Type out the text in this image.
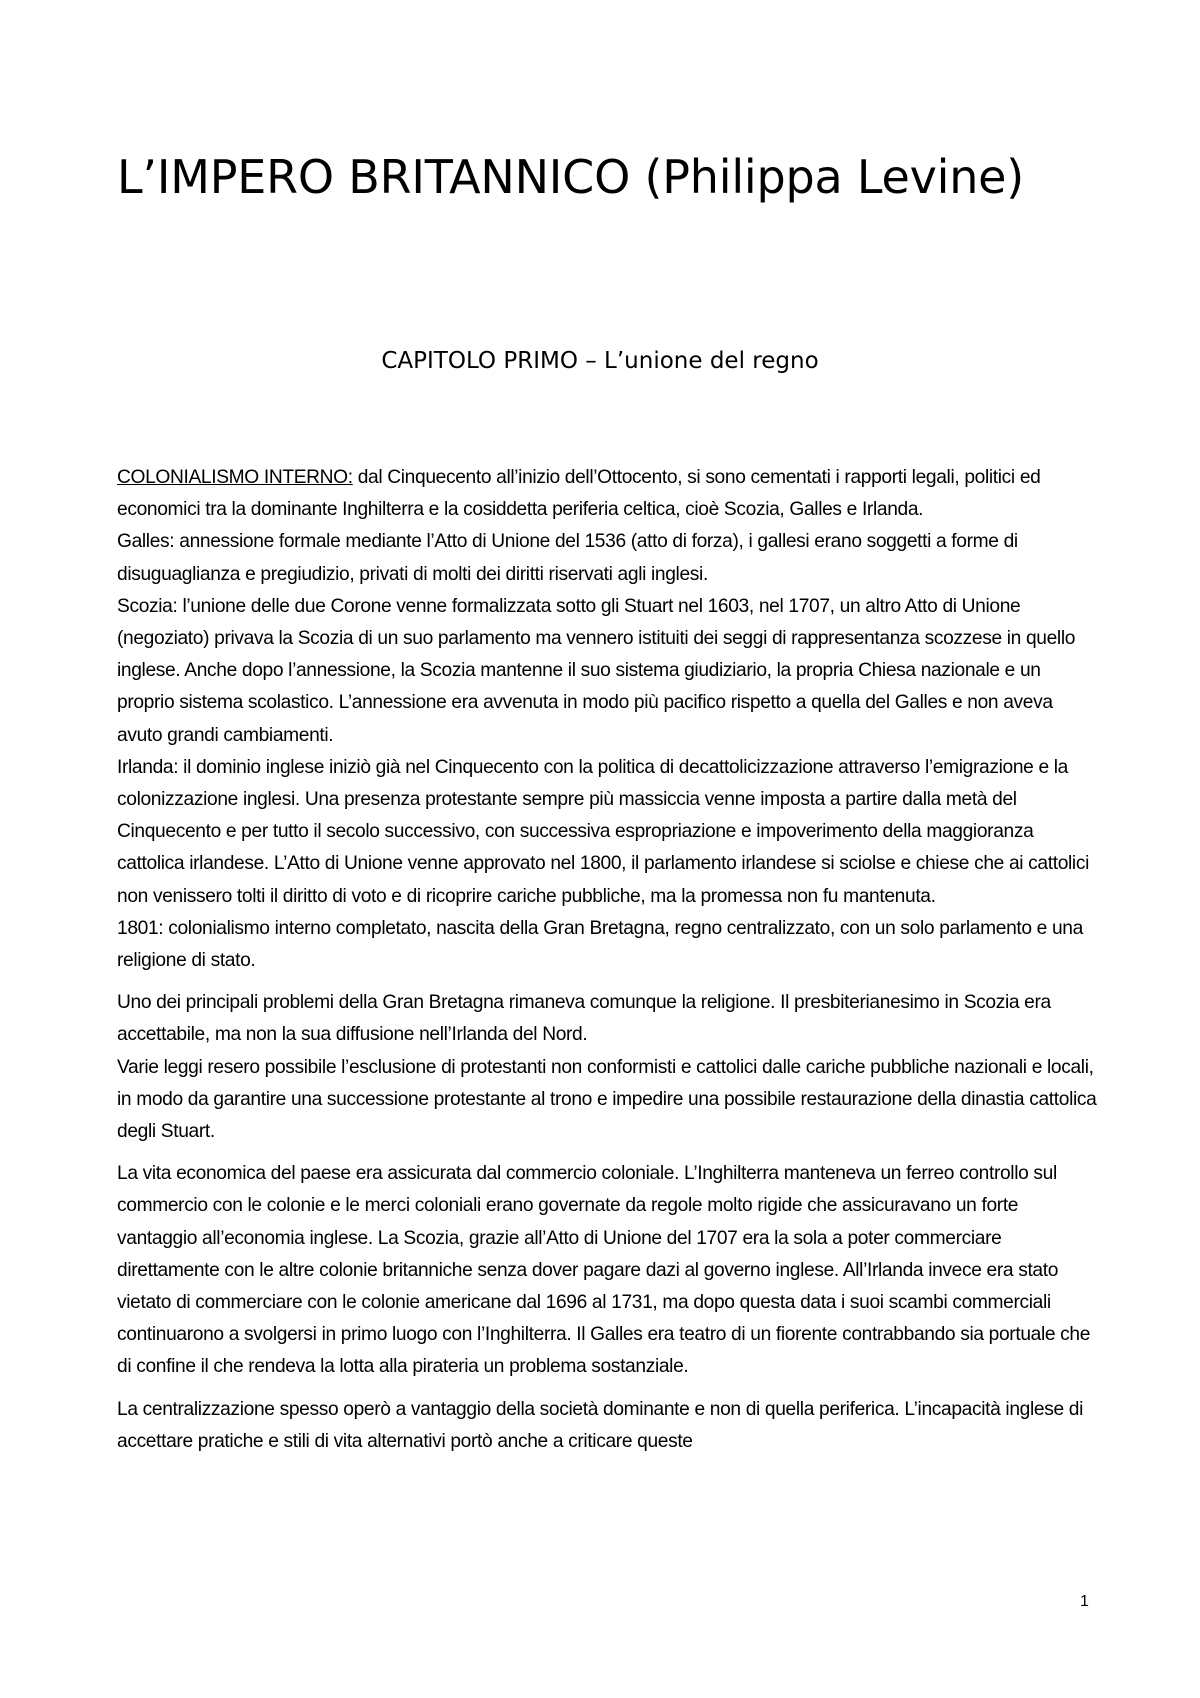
L’IMPERO BRITANNICO (Philippa Levine)
CAPITOLO PRIMO – L’unione del regno

COLONIALISMO INTERNO: dal Cinquecento all’inizio dell’Ottocento, si sono cementati i rapporti legali, politici ed economici tra la dominante Inghilterra e la cosiddetta periferia celtica, cioè Scozia, Galles e Irlanda.

Galles: annessione formale mediante l’Atto di Unione del 1536 (atto di forza), i gallesi erano soggetti a forme di disuguaglianza e pregiudizio, privati di molti dei diritti riservati agli inglesi.

Scozia: l’unione delle due Corone venne formalizzata sotto gli Stuart nel 1603, nel 1707, un altro Atto di Unione (negoziato) privava la Scozia di un suo parlamento ma vennero istituiti dei seggi di rappresentanza scozzese in quello inglese. Anche dopo l’annessione, la Scozia mantenne il suo sistema giudiziario, la propria Chiesa nazionale e un proprio sistema scolastico. L’annessione era avvenuta in modo più pacifico rispetto a quella del Galles e non aveva avuto grandi cambiamenti.

Irlanda: il dominio inglese iniziò già nel Cinquecento con la politica di decattolicizzazione attraverso l’emigrazione e la colonizzazione inglesi. Una presenza protestante sempre più massiccia venne imposta a partire dalla metà del Cinquecento e per tutto il secolo successivo, con successiva espropriazione e impoverimento della maggioranza cattolica irlandese. L’Atto di Unione venne approvato nel 1800, il parlamento irlandese si sciolse e chiese che ai cattolici non venissero tolti il diritto di voto e di ricoprire cariche pubbliche, ma la promessa non fu mantenuta.

1801: colonialismo interno completato, nascita della Gran Bretagna, regno centralizzato, con un solo parlamento e una religione di stato.

Uno dei principali problemi della Gran Bretagna rimaneva comunque la religione. Il presbiterianesimo in Scozia era accettabile, ma non la sua diffusione nell’Irlanda del Nord.

Varie leggi resero possibile l’esclusione di protestanti non conformisti e cattolici dalle cariche pubbliche nazionali e locali, in modo da garantire una successione protestante al trono e impedire una possibile restaurazione della dinastia cattolica degli Stuart.

La vita economica del paese era assicurata dal commercio coloniale. L’Inghilterra manteneva un ferreo controllo sul commercio con le colonie e le merci coloniali erano governate da regole molto rigide che assicuravano un forte vantaggio all’economia inglese. La Scozia, grazie all’Atto di Unione del 1707 era la sola a poter commerciare direttamente con le altre colonie britanniche senza dover pagare dazi al governo inglese. All’Irlanda invece era stato vietato di commerciare con le colonie americane dal 1696 al 1731, ma dopo questa data i suoi scambi commerciali continuarono a svolgersi in primo luogo con l’Inghilterra. Il Galles era teatro di un fiorente contrabbando sia portuale che di confine il che rendeva la lotta alla pirateria un problema sostanziale.

La centralizzazione spesso operò a vantaggio della società dominante e non di quella periferica. L’incapacità inglese di accettare pratiche e stili di vita alternativi portò anche a criticare queste

1
